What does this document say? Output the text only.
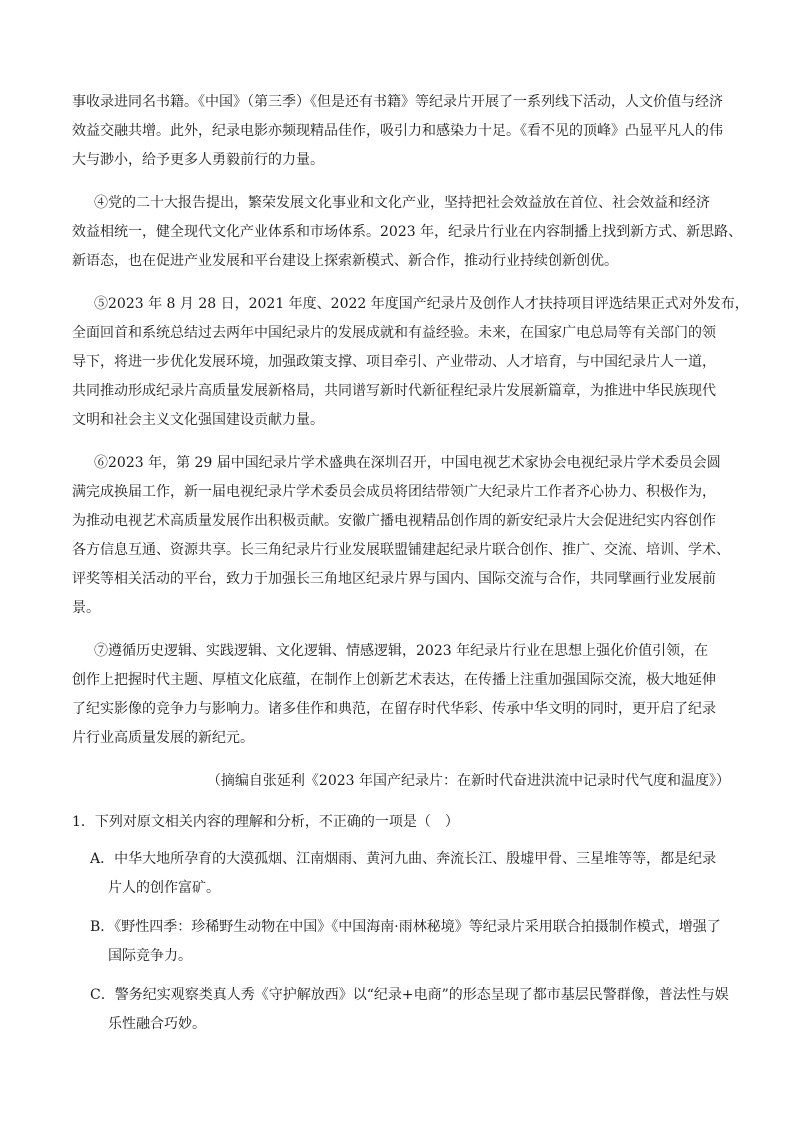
事收录进同名书籍。《中国》（第三季）《但是还有书籍》等纪录片开展了一系列线下活动，人文价值与经济
效益交融共增。此外，纪录电影亦频现精品佳作，吸引力和感染力十足。《看不见的顶峰》凸显平凡人的伟
大与渺小，给予更多人勇毅前行的力量。
④党的二十大报告提出，繁荣发展文化事业和文化产业，坚持把社会效益放在首位、社会效益和经济
效益相统一，健全现代文化产业体系和市场体系。2023 年，纪录片行业在内容制播上找到新方式、新思路、
新语态，也在促进产业发展和平台建设上探索新模式、新合作，推动行业持续创新创优。
⑤2023 年 8 月 28 日，2021 年度、2022 年度国产纪录片及创作人才扶持项目评选结果正式对外发布，
全面回首和系统总结过去两年中国纪录片的发展成就和有益经验。未来，在国家广电总局等有关部门的领
导下，将进一步优化发展环境，加强政策支撑、项目牵引、产业带动、人才培育，与中国纪录片人一道，
共同推动形成纪录片高质量发展新格局，共同谱写新时代新征程纪录片发展新篇章，为推进中华民族现代
文明和社会主义文化强国建设贡献力量。
⑥2023 年，第 29 届中国纪录片学术盛典在深圳召开，中国电视艺术家协会电视纪录片学术委员会圆
满完成换届工作，新一届电视纪录片学术委员会成员将团结带领广大纪录片工作者齐心协力、积极作为，
为推动电视艺术高质量发展作出积极贡献。安徽广播电视精品创作周的新安纪录片大会促进纪实内容创作
各方信息互通、资源共享。长三角纪录片行业发展联盟铺建起纪录片联合创作、推广、交流、培训、学术、
评奖等相关活动的平台，致力于加强长三角地区纪录片界与国内、国际交流与合作，共同擘画行业发展前
景。
⑦遵循历史逻辑、实践逻辑、文化逻辑、情感逻辑，2023 年纪录片行业在思想上强化价值引领，在
创作上把握时代主题、厚植文化底蕴，在制作上创新艺术表达，在传播上注重加强国际交流，极大地延伸
了纪实影像的竞争力与影响力。诸多佳作和典范，在留存时代华彩、传承中华文明的同时，更开启了纪录
片行业高质量发展的新纪元。
（摘编自张延利《2023 年国产纪录片：在新时代奋进洪流中记录时代气度和温度》）
1．下列对原文相关内容的理解和分析，不正确的一项是（　）
A．中华大地所孕育的大漠孤烟、江南烟雨、黄河九曲、奔流长江、殷墟甲骨、三星堆等等，都是纪录
片人的创作富矿。
B．《野性四季：珍稀野生动物在中国》《中国海南·雨林秘境》等纪录片采用联合拍摄制作模式，增强了
国际竞争力。
C．警务纪实观察类真人秀《守护解放西》以“纪录+电商”的形态呈现了都市基层民警群像，普法性与娱
乐性融合巧妙。
